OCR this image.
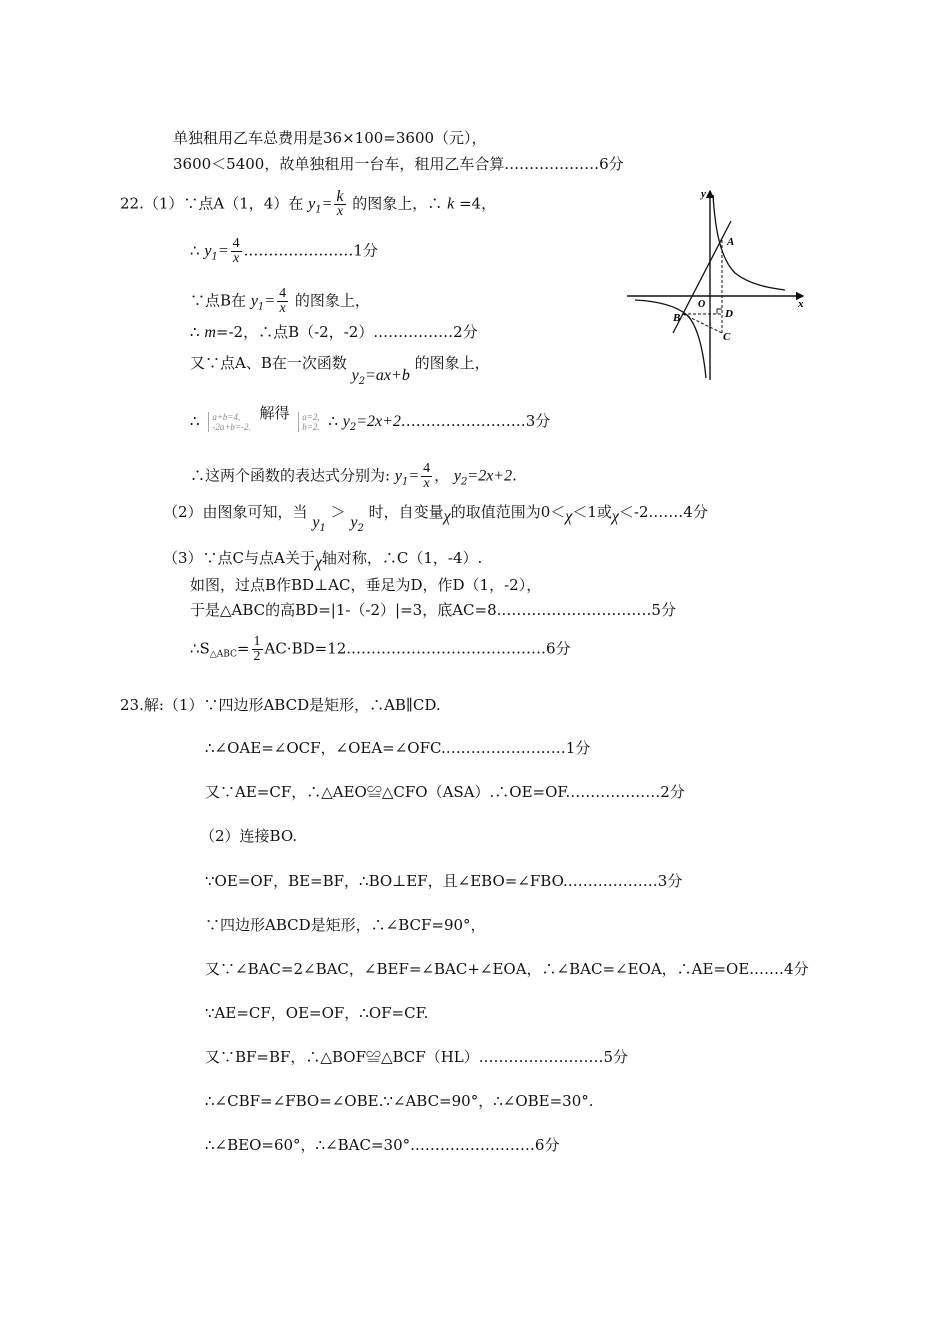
单独租用乙车总费用是36×100=3600（元），
3600＜5400，故单独租用一台车，租用乙车合算.………………6分
22.（1）∵点A（1，4）在 $y_1= \frac{k}{x}$ 的图象上，∴ k =4，
∴ $y_1= \frac{4}{x}$ .…………………1分
∵点B在 $y_1= \frac{4}{x}$ 的图象上，
∴ m=-2，∴点B（-2，-2）.……………2分
又∵点A、B在一次函数 $y_2=ax+b$ 的图象上，
∴ a+b=4,
-2a+b=-2.
解得 a=2,
b=2. ∴ $y_2=2x+2.\dots\dots\dots\dots\dots\dots\dots\dots 3$分
∴这两个函数的表达式分别为: $y_1= \frac{4}{x}$ ， $y_2=2x+2$.
（2）由图象可知，当 $y_1 > y_2$ 时，自变量χ的取值范围为0＜χ＜1或χ＜-2.……4分
（3）∵点C与点A关于χ轴对称，∴C（1，-4）.
如图，过点B作BD⊥AC，垂足为D，作D（1，-2），
于是△ABC的高BD=|1-（-2）|=3，底AC=8.…………………………5分
$\therefore S_{\triangle ABC}= \frac{1}{2}$ AC·BD=12.…………………………………6分
23.解:（1）∵四边形ABCD是矩形，∴AB∥CD.
∴∠OAE=∠OCF，∠OEA=∠OFC.……………………1分
又∵AE=CF，∴△AEO≌△CFO（ASA）.∴OE=OF.………………2分
（2）连接BO.
∵OE=OF，BE=BF，∴BO⊥EF，且∠EBO=∠FBO.………………3分
∵四边形ABCD是矩形，∴∠BCF=90°，
又∵∠BAC=2∠BAC，∠BEF=∠BAC+∠EOA，∴∠BAC=∠EOA，∴AE=OE.……4分
∵AE=CF，OE=OF，∴OF=CF.
又∵BF=BF，∴△BOF≌△BCF（HL）.……………………5分
∴∠CBF=∠FBO=∠OBE.∵∠ABC=90°，∴∠OBE=30°.
∴∠BEO=60°，∴∠BAC=30°.……………………6分
y
x
O
A
B	D
C
